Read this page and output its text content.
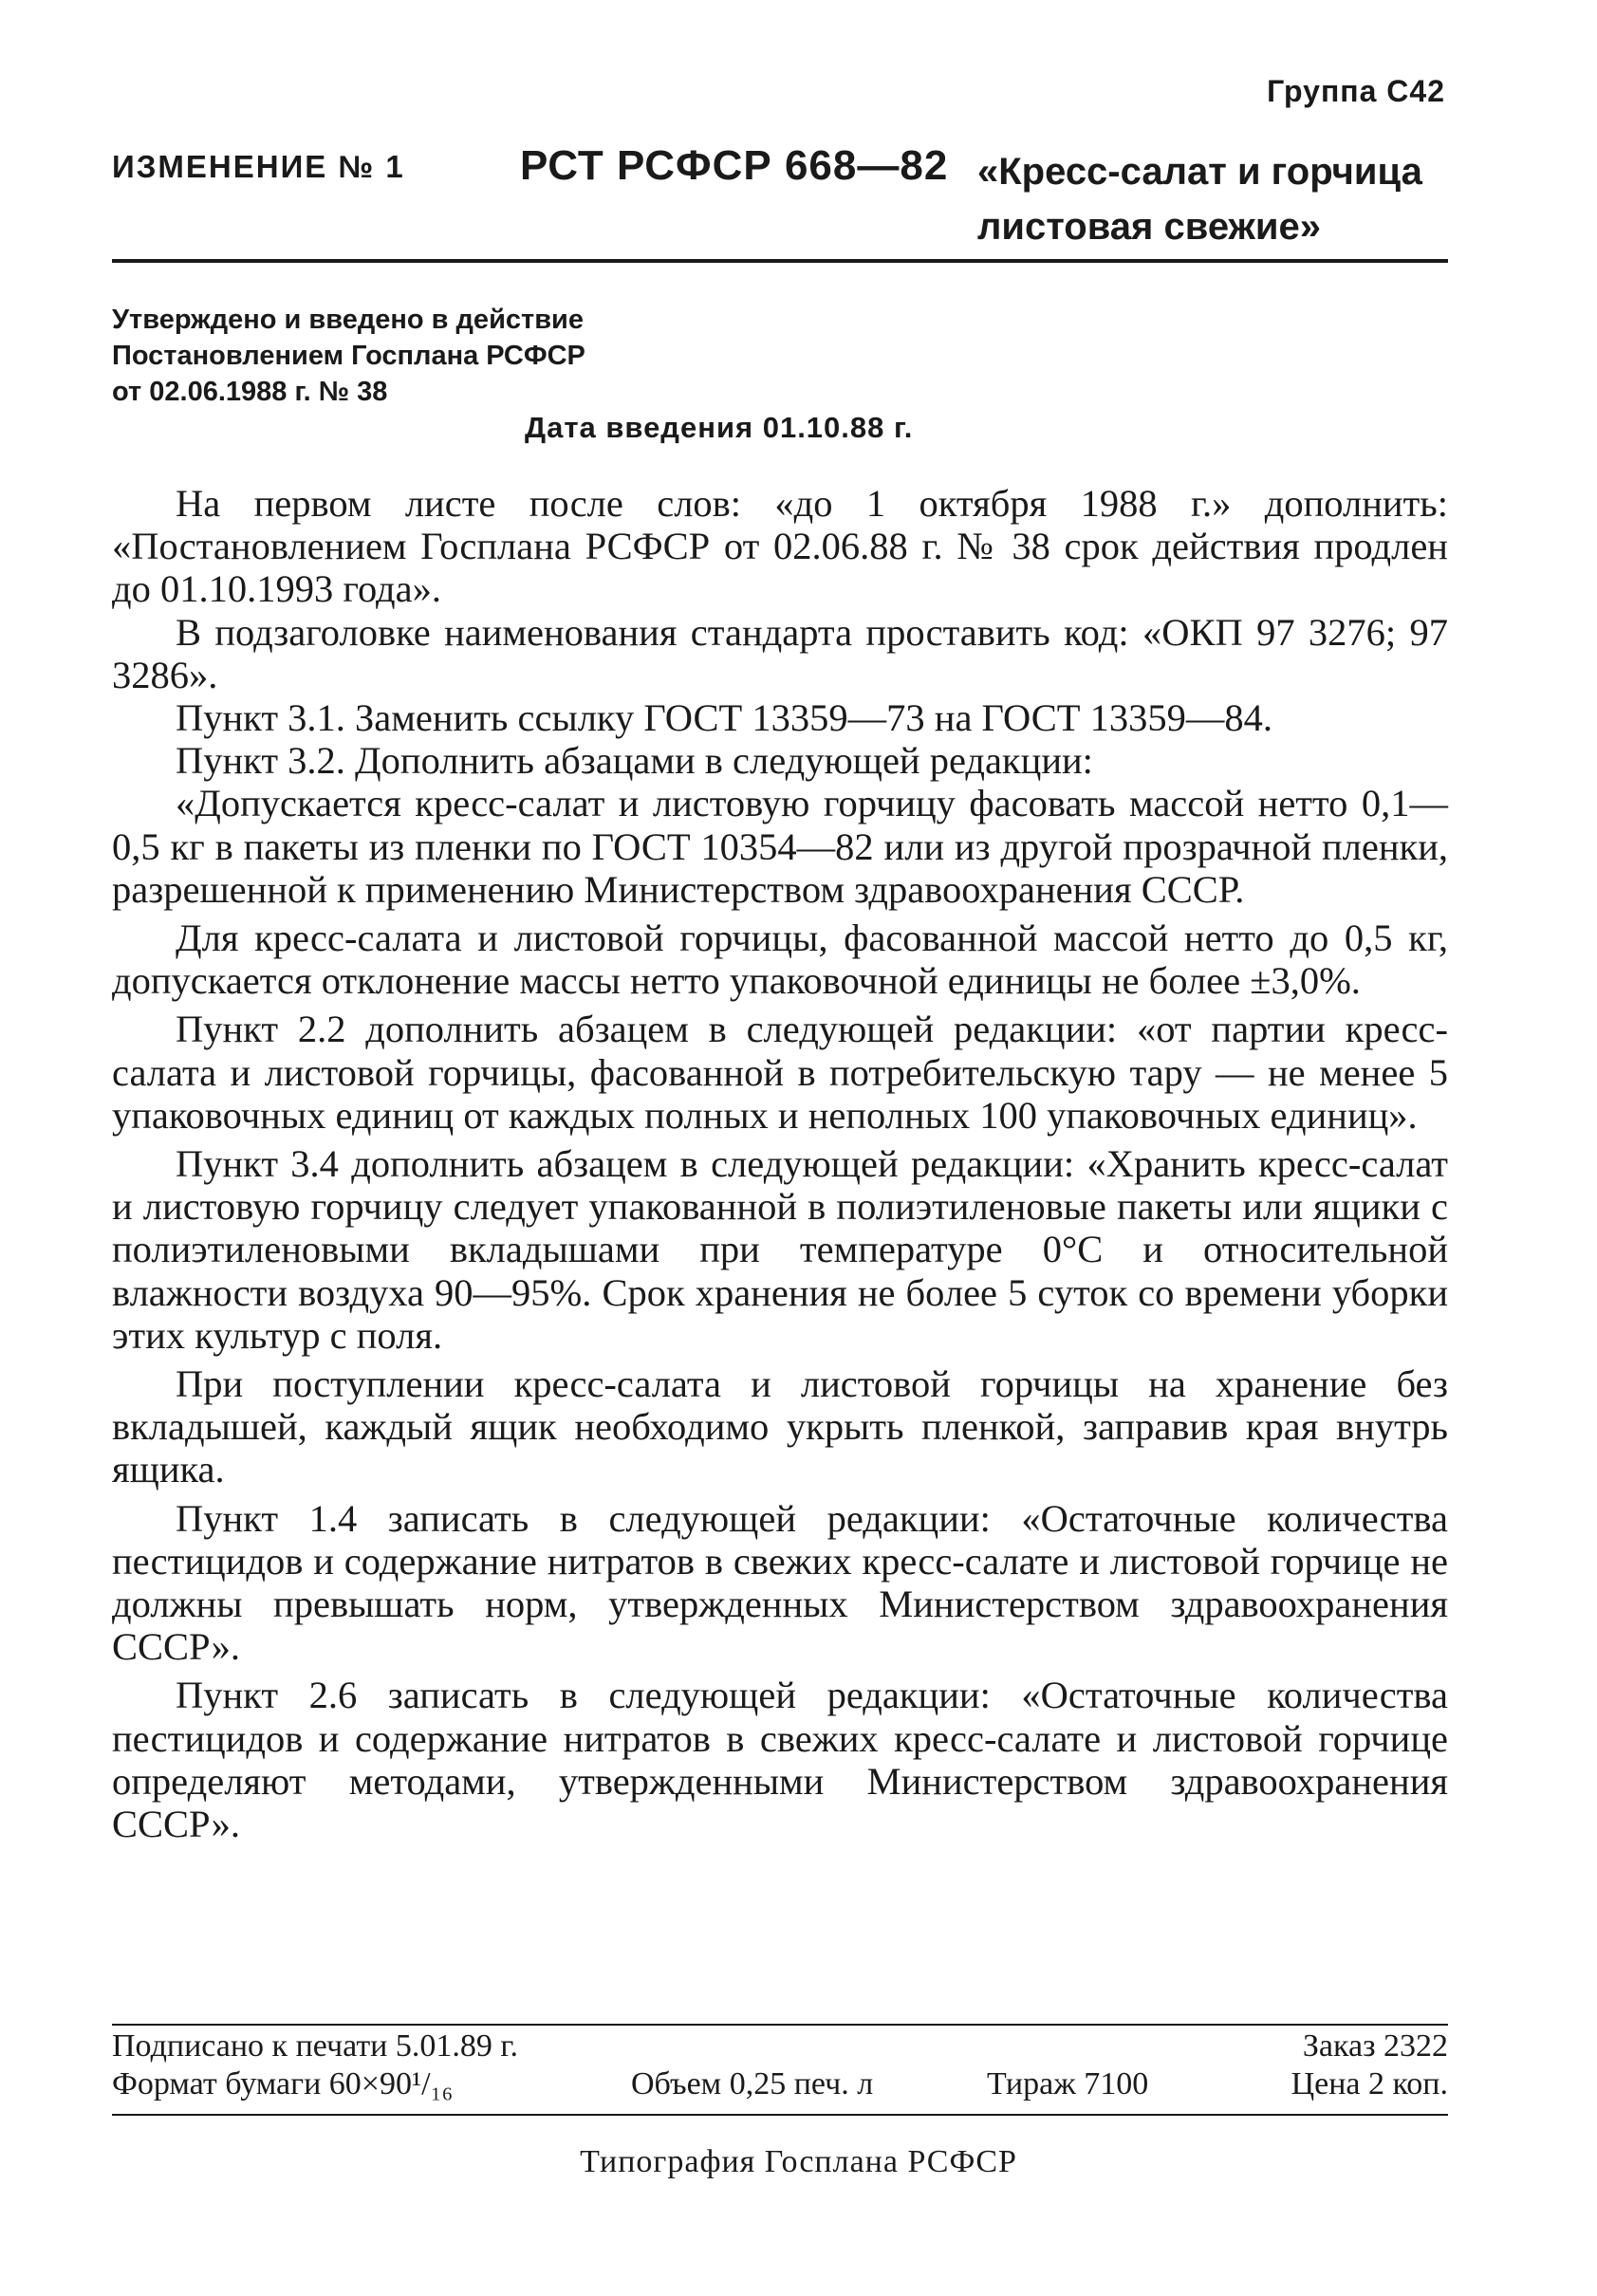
Группа С42
ИЗМЕНЕНИЕ № 1	РСТ РСФСР 668—82 «Кресс-салат и горчица
листовая свежие»
Утверждено и введено в действие
Постановлением Госплана РСФСР
от 02.06.1988 г. № 38
Дата введения 01.10.88 г.

На первом листе после слов: «до 1 октября 1988 г.» дополнить: «Постановлением Госплана РСФСР от 02.06.88 г. № 38 срок действия продлен до 01.10.1993 года».

В подзаголовке наименования стандарта проставить код: «ОКП 97 3276; 97 3286».

Пункт 3.1. Заменить ссылку ГОСТ 13359—73 на ГОСТ 13359—84.

Пункт 3.2. Дополнить абзацами в следующей редакции:

«Допускается кресс-салат и листовую горчицу фасовать массой нетто 0,1—0,5 кг в пакеты из пленки по ГОСТ 10354—82 или из другой прозрачной пленки, разрешенной к применению Министерством здравоохранения СССР.

Для кресс-салата и листовой горчицы, фасованной массой нетто до 0,5 кг, допускается отклонение массы нетто упаковочной единицы не более ±3,0%.

Пункт 2.2 дополнить абзацем в следующей редакции: «от партии кресс-салата и листовой горчицы, фасованной в потребительскую тару — не менее 5 упаковочных единиц от каждых полных и неполных 100 упаковочных единиц».

Пункт 3.4 дополнить абзацем в следующей редакции: «Хранить кресс-салат и листовую горчицу следует упакованной в полиэтиленовые пакеты или ящики с полиэтиленовыми вкладышами при температуре 0°С и относительной влажности воздуха 90—95%. Срок хранения не более 5 суток со времени уборки этих культур с поля.

При поступлении кресс-салата и листовой горчицы на хранение без вкладышей, каждый ящик необходимо укрыть пленкой, заправив края внутрь ящика.

Пункт 1.4 записать в следующей редакции: «Остаточные количества пестицидов и содержание нитратов в свежих кресс-салате и листовой горчице не должны превышать норм, утвержденных Министерством здравоохранения СССР».

Пункт 2.6 записать в следующей редакции: «Остаточные количества пестицидов и содержание нитратов в свежих кресс-салате и листовой горчице определяют методами, утвержденными Министерством здравоохранения СССР».

Подписано к печати 5.01.89 г.	Заказ 2322
Формат бумаги 60×90¹/₁₆	Объем 0,25 печ. л	Тираж 7100	Цена 2 коп.
Типография Госплана РСФСР
